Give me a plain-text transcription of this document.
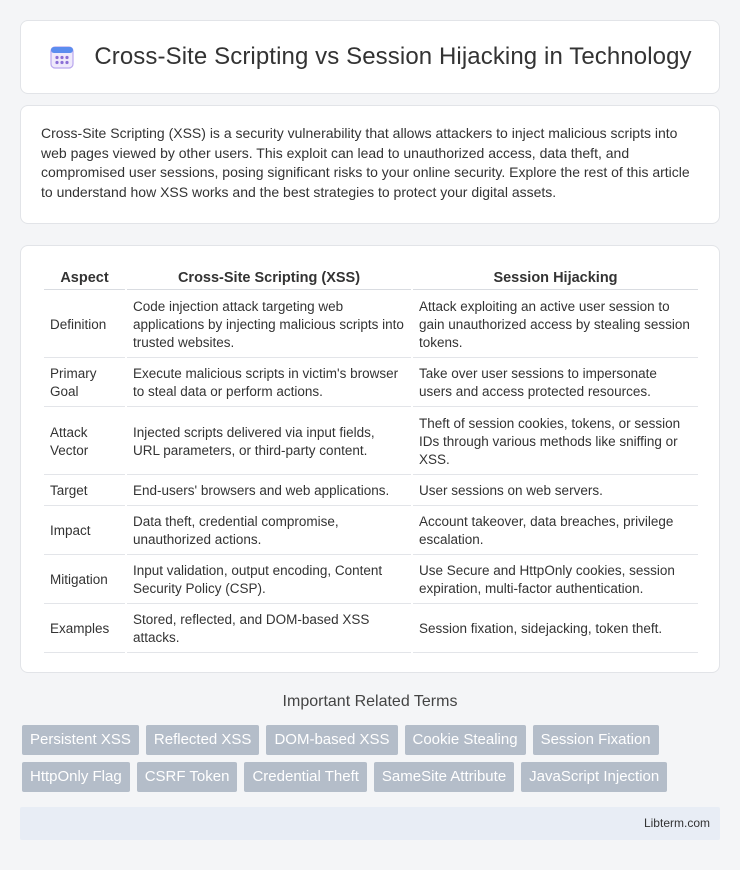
Cross-Site Scripting vs Session Hijacking in Technology

Cross-Site Scripting (XSS) is a security vulnerability that allows attackers to inject malicious scripts into web pages viewed by other users. This exploit can lead to unauthorized access, data theft, and compromised user sessions, posing significant risks to your online security. Explore the rest of this article to understand how XSS works and the best strategies to protect your digital assets.

Aspect	Cross-Site Scripting (XSS)	Session Hijacking
Definition	Code injection attack targeting web applications by injecting malicious scripts into trusted websites.	Attack exploiting an active user session to gain unauthorized access by stealing session tokens.
Primary Goal	Execute malicious scripts in victim's browser to steal data or perform actions.	Take over user sessions to impersonate users and access protected resources.
Attack Vector	Injected scripts delivered via input fields, URL parameters, or third-party content.	Theft of session cookies, tokens, or session IDs through various methods like sniffing or XSS.
Target	End-users' browsers and web applications.	User sessions on web servers.
Impact	Data theft, credential compromise, unauthorized actions.	Account takeover, data breaches, privilege escalation.
Mitigation	Input validation, output encoding, Content Security Policy (CSP).	Use Secure and HttpOnly cookies, session expiration, multi-factor authentication.
Examples	Stored, reflected, and DOM-based XSS attacks.	Session fixation, sidejacking, token theft.
Important Related Terms
Persistent XSS	Reflected XSS	DOM-based XSS	Cookie Stealing	Session Fixation
HttpOnly Flag	CSRF Token	Credential Theft	SameSite Attribute	JavaScript Injection
Libterm.com
